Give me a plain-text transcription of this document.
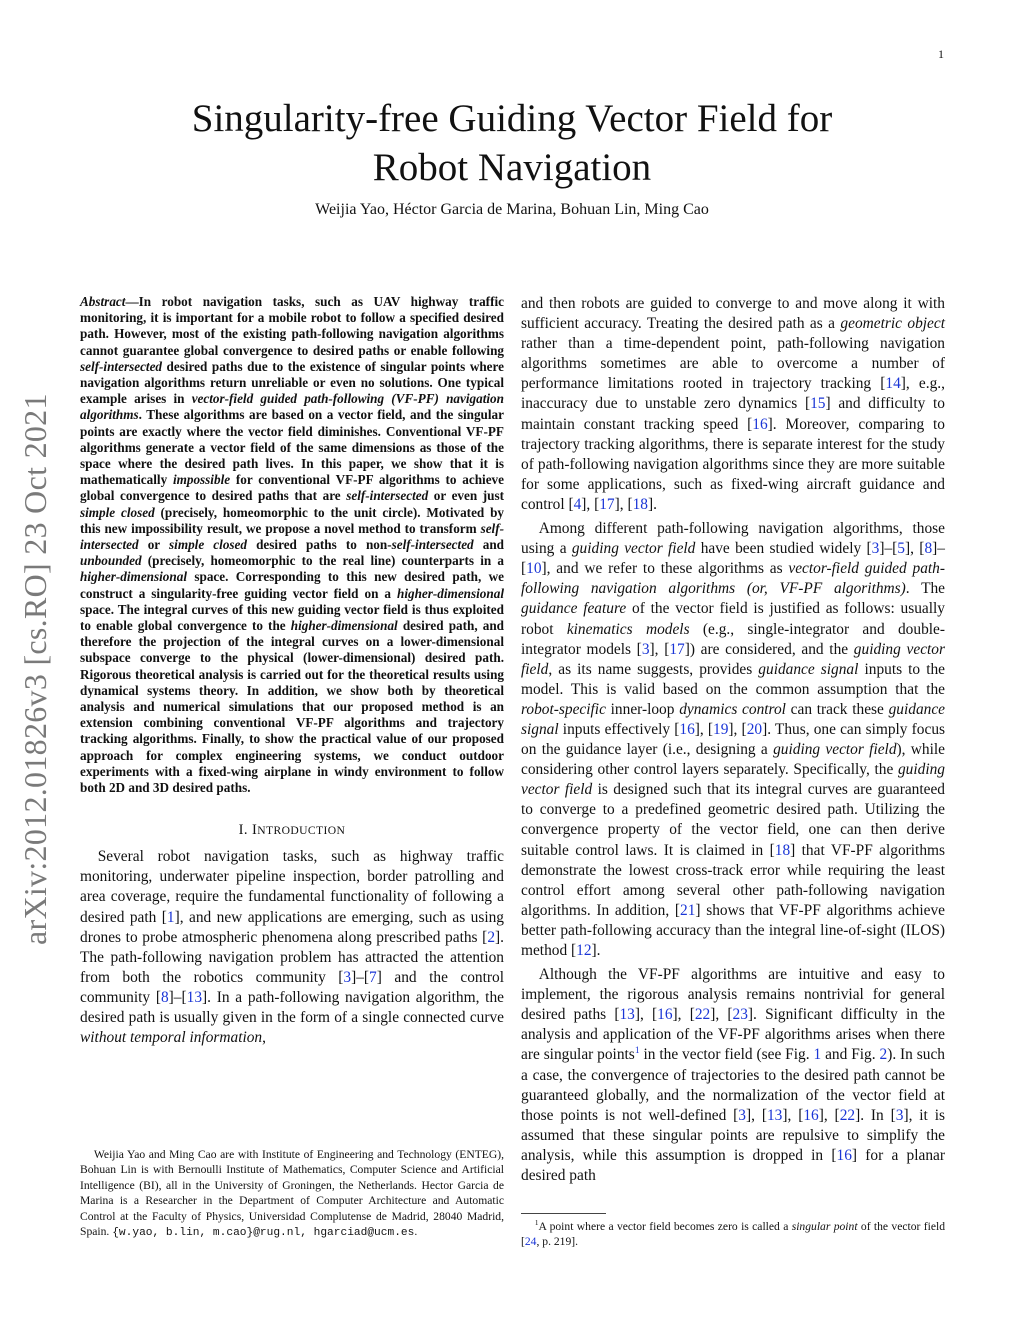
1
arXiv:2012.01826v3 [cs.RO] 23 Oct 2021
Singularity-free Guiding Vector Field for
Robot Navigation
Weijia Yao, Héctor Garcia de Marina, Bohuan Lin, Ming Cao

Abstract—In robot navigation tasks, such as UAV highway traffic monitoring, it is important for a mobile robot to follow a specified desired path. However, most of the existing path-following navigation algorithms cannot guarantee global convergence to desired paths or enable following self-intersected desired paths due to the existence of singular points where navigation algorithms return unreliable or even no solutions. One typical example arises in vector-field guided path-following (VF-PF) navigation algorithms. These algorithms are based on a vector field, and the singular points are exactly where the vector field diminishes. Conventional VF-PF algorithms generate a vector field of the same dimensions as those of the space where the desired path lives. In this paper, we show that it is mathematically impossible for conventional VF-PF algorithms to achieve global convergence to desired paths that are self-intersected or even just simple closed (precisely, homeomorphic to the unit circle). Motivated by this new impossibility result, we propose a novel method to transform self-intersected or simple closed desired paths to non-self-intersected and unbounded (precisely, homeomorphic to the real line) counterparts in a higher-dimensional space. Corresponding to this new desired path, we construct a singularity-free guiding vector field on a higher-dimensional space. The integral curves of this new guiding vector field is thus exploited to enable global convergence to the higher-dimensional desired path, and therefore the projection of the integral curves on a lower-dimensional subspace converge to the physical (lower-dimensional) desired path. Rigorous theoretical analysis is carried out for the theoretical results using dynamical systems theory. In addition, we show both by theoretical analysis and numerical simulations that our proposed method is an extension combining conventional VF-PF algorithms and trajectory tracking algorithms. Finally, to show the practical value of our proposed approach for complex engineering systems, we conduct outdoor experiments with a fixed-wing airplane in windy environment to follow both 2D and 3D desired paths.

I. INTRODUCTION

Several robot navigation tasks, such as highway traffic monitoring, underwater pipeline inspection, border patrolling and area coverage, require the fundamental functionality of following a desired path [1], and new applications are emerging, such as using drones to probe atmospheric phenomena along prescribed paths [2]. The path-following navigation problem has attracted the attention from both the robotics community [3]–[7] and the control community [8]–[13]. In a path-following navigation algorithm, the desired path is usually given in the form of a single connected curve without temporal information,

Weijia Yao and Ming Cao are with Institute of Engineering and Technology (ENTEG), Bohuan Lin is with Bernoulli Institute of Mathematics, Computer Science and Artificial Intelligence (BI), all in the University of Groningen, the Netherlands. Hector Garcia de Marina is a Researcher in the Department of Computer Architecture and Automatic Control at the Faculty of Physics, Universidad Complutense de Madrid, 28040 Madrid, Spain. {w.yao, b.lin, m.cao}@rug.nl, hgarciad@ucm.es.

and then robots are guided to converge to and move along it with sufficient accuracy. Treating the desired path as a geometric object rather than a time-dependent point, path-following navigation algorithms sometimes are able to overcome a number of performance limitations rooted in trajectory tracking [14], e.g., inaccuracy due to unstable zero dynamics [15] and difficulty to maintain constant tracking speed [16]. Moreover, comparing to trajectory tracking algorithms, there is separate interest for the study of path-following navigation algorithms since they are more suitable for some applications, such as fixed-wing aircraft guidance and control [4], [17], [18].

Among different path-following navigation algorithms, those using a guiding vector field have been studied widely [3]–[5], [8]–[10], and we refer to these algorithms as vector-field guided path-following navigation algorithms (or, VF-PF algorithms). The guidance feature of the vector field is justified as follows: usually robot kinematics models (e.g., single-integrator and double-integrator models [3], [17]) are considered, and the guiding vector field, as its name suggests, provides guidance signal inputs to the model. This is valid based on the common assumption that the robot-specific inner-loop dynamics control can track these guidance signal inputs effectively [16], [19], [20]. Thus, one can simply focus on the guidance layer (i.e., designing a guiding vector field), while considering other control layers separately. Specifically, the guiding vector field is designed such that its integral curves are guaranteed to converge to a predefined geometric desired path. Utilizing the convergence property of the vector field, one can then derive suitable control laws. It is claimed in [18] that VF-PF algorithms demonstrate the lowest cross-track error while requiring the least control effort among several other path-following navigation algorithms. In addition, [21] shows that VF-PF algorithms achieve better path-following accuracy than the integral line-of-sight (ILOS) method [12].

Although the VF-PF algorithms are intuitive and easy to implement, the rigorous analysis remains nontrivial for general desired paths [13], [16], [22], [23]. Significant difficulty in the analysis and application of the VF-PF algorithms arises when there are singular points$^1$ in the vector field (see Fig. 1 and Fig. 2). In such a case, the convergence of trajectories to the desired path cannot be guaranteed globally, and the normalization of the vector field at those points is not well-defined [3], [13], [16], [22]. In [3], it is assumed that these singular points are repulsive to simplify the analysis, while this assumption is dropped in [16] for a planar desired path

$^1$A point where a vector field becomes zero is called a singular point of the vector field [24, p. 219].
